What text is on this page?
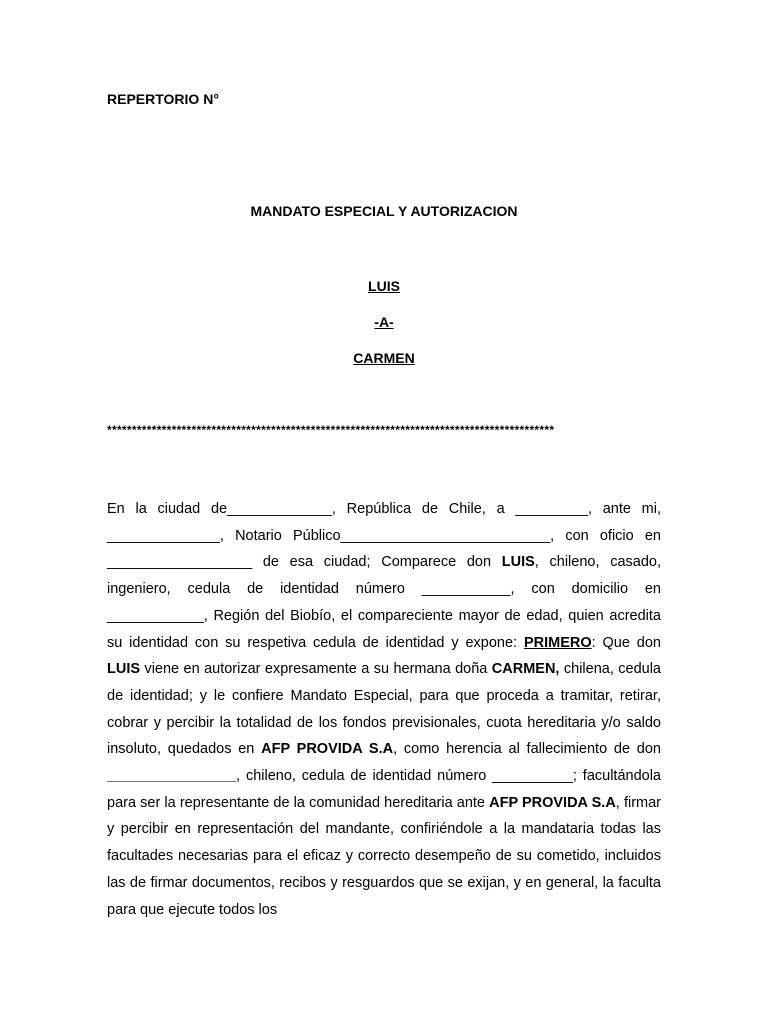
REPERTORIO N°

MANDATO ESPECIAL Y AUTORIZACION

LUIS

-A-

CARMEN

******************************************************************************************

En la ciudad de_____________, República de Chile, a _________, ante mi, ______________, Notario Público__________________________, con oficio en __________________ de esa ciudad; Comparece don LUIS, chileno, casado, ingeniero, cedula de identidad número ___________, con domicilio en ____________, Región del Biobío, el compareciente mayor de edad, quien acredita su identidad con su respetiva cedula de identidad y expone: PRIMERO: Que don LUIS viene en autorizar expresamente a su hermana doña CARMEN, chilena, cedula de identidad; y le confiere Mandato Especial, para que proceda a tramitar, retirar, cobrar y percibir la totalidad de los fondos previsionales, cuota hereditaria y/o saldo insoluto, quedados en AFP PROVIDA S.A, como herencia al fallecimiento de don ________________, chileno, cedula de identidad número __________; facultándola para ser la representante de la comunidad hereditaria ante AFP PROVIDA S.A, firmar y percibir en representación del mandante, confiriéndole a la mandataria todas las facultades necesarias para el eficaz y correcto desempeño de su cometido, incluidos las de firmar documentos, recibos y resguardos que se exijan, y en general, la faculta para que ejecute todos los
